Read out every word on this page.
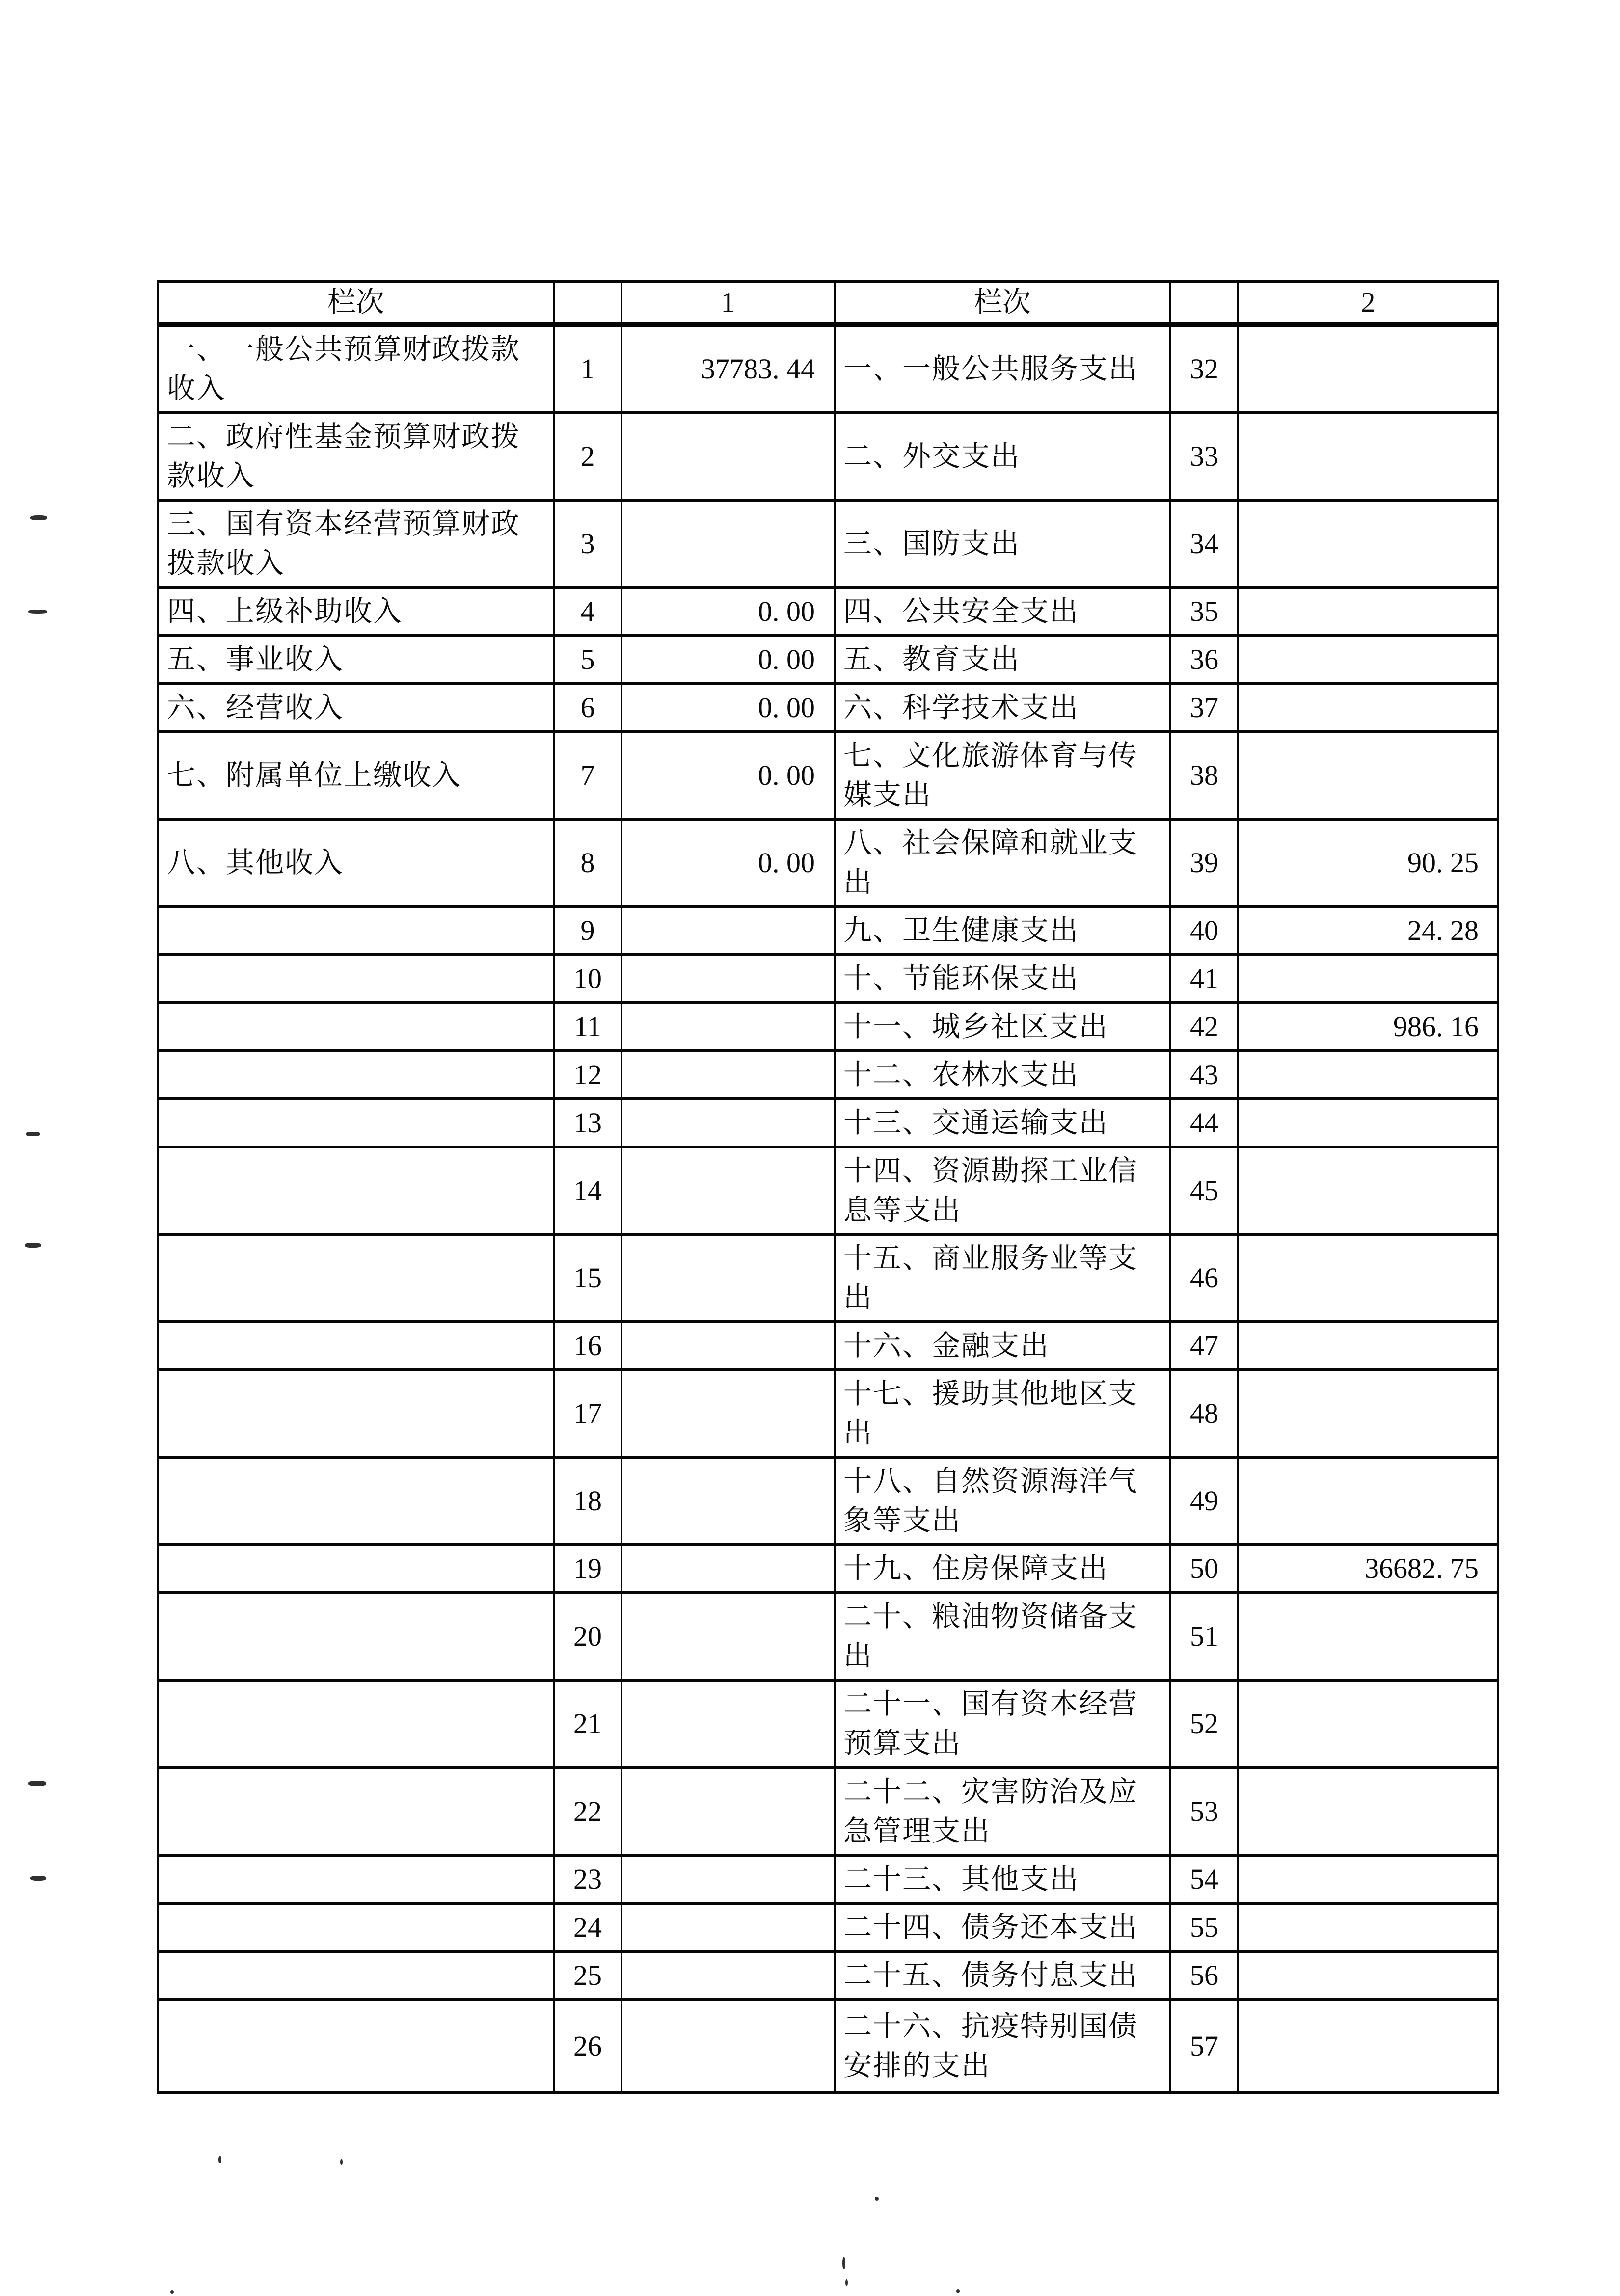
栏次		1	栏次		2
一、一般公共预算财政拨款收入	1	37783. 44	一、一般公共服务支出	32	
二、政府性基金预算财政拨款收入	2		二、外交支出	33	
三、国有资本经营预算财政拨款收入	3		三、国防支出	34	
四、上级补助收入	4	0. 00	四、公共安全支出	35	
五、事业收入	5	0. 00	五、教育支出	36	
六、经营收入	6	0. 00	六、科学技术支出	37	
七、附属单位上缴收入	7	0. 00	七、文化旅游体育与传媒支出	38	
八、其他收入	8	0. 00	八、社会保障和就业支出	39	90. 25
	9		九、卫生健康支出	40	24. 28
	10		十、节能环保支出	41	
	11		十一、城乡社区支出	42	986. 16
	12		十二、农林水支出	43	
	13		十三、交通运输支出	44	
	14		十四、资源勘探工业信息等支出	45	
	15		十五、商业服务业等支出	46	
	16		十六、金融支出	47	
	17		十七、援助其他地区支出	48	
	18		十八、自然资源海洋气象等支出	49	
	19		十九、住房保障支出	50	36682. 75
	20		二十、粮油物资储备支出	51	
	21		二十一、国有资本经营预算支出	52	
	22		二十二、灾害防治及应急管理支出	53	
	23		二十三、其他支出	54	
	24		二十四、债务还本支出	55	
	25		二十五、债务付息支出	56	
	26		二十六、抗疫特别国债安排的支出	57	
